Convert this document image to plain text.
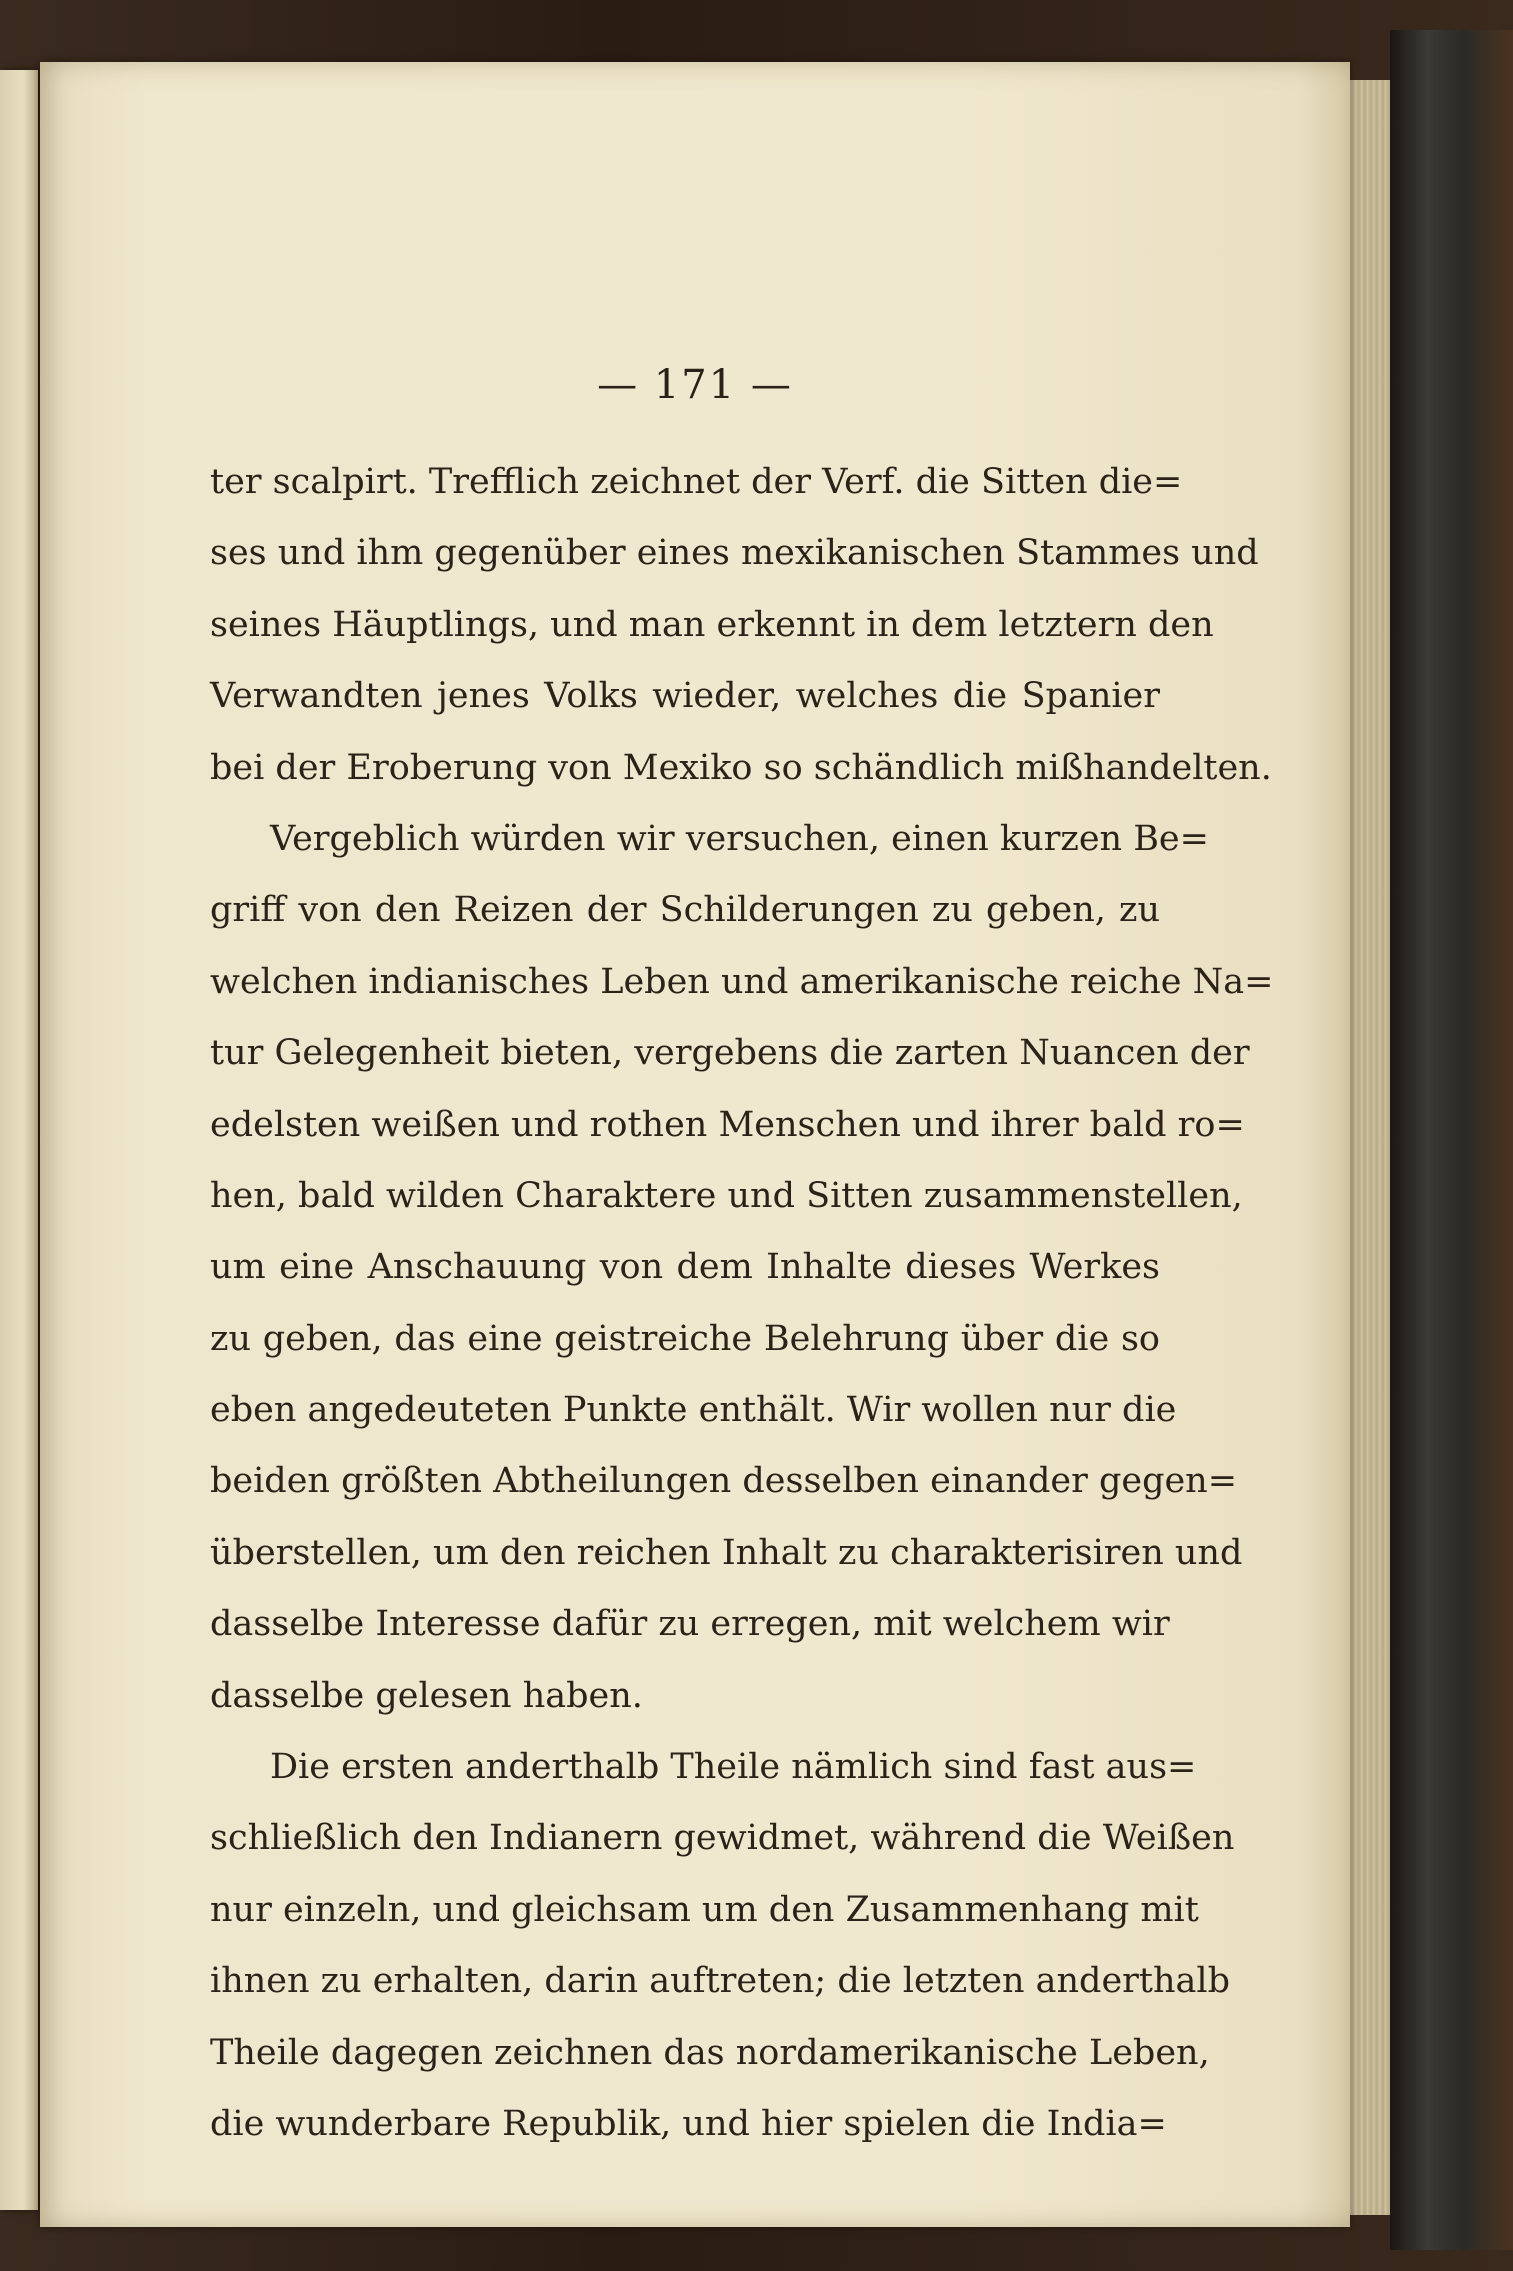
— 171 —
ter scalpirt. Trefflich zeichnet der Verf. die Sitten die=
ses und ihm gegenüber eines mexikanischen Stammes und
seines Häuptlings, und man erkennt in dem letztern den
Verwandten jenes Volks wieder, welches die Spanier
bei der Eroberung von Mexiko so schändlich mißhandelten.
Vergeblich würden wir versuchen, einen kurzen Be=
griff von den Reizen der Schilderungen zu geben, zu
welchen indianisches Leben und amerikanische reiche Na=
tur Gelegenheit bieten, vergebens die zarten Nuancen der
edelsten weißen und rothen Menschen und ihrer bald ro=
hen, bald wilden Charaktere und Sitten zusammenstellen,
um eine Anschauung von dem Inhalte dieses Werkes
zu geben, das eine geistreiche Belehrung über die so
eben angedeuteten Punkte enthält. Wir wollen nur die
beiden größten Abtheilungen desselben einander gegen=
überstellen, um den reichen Inhalt zu charakterisiren und
dasselbe Interesse dafür zu erregen, mit welchem wir
dasselbe gelesen haben.
Die ersten anderthalb Theile nämlich sind fast aus=
schließlich den Indianern gewidmet, während die Weißen
nur einzeln, und gleichsam um den Zusammenhang mit
ihnen zu erhalten, darin auftreten; die letzten anderthalb
Theile dagegen zeichnen das nordamerikanische Leben,
die wunderbare Republik, und hier spielen die India=
